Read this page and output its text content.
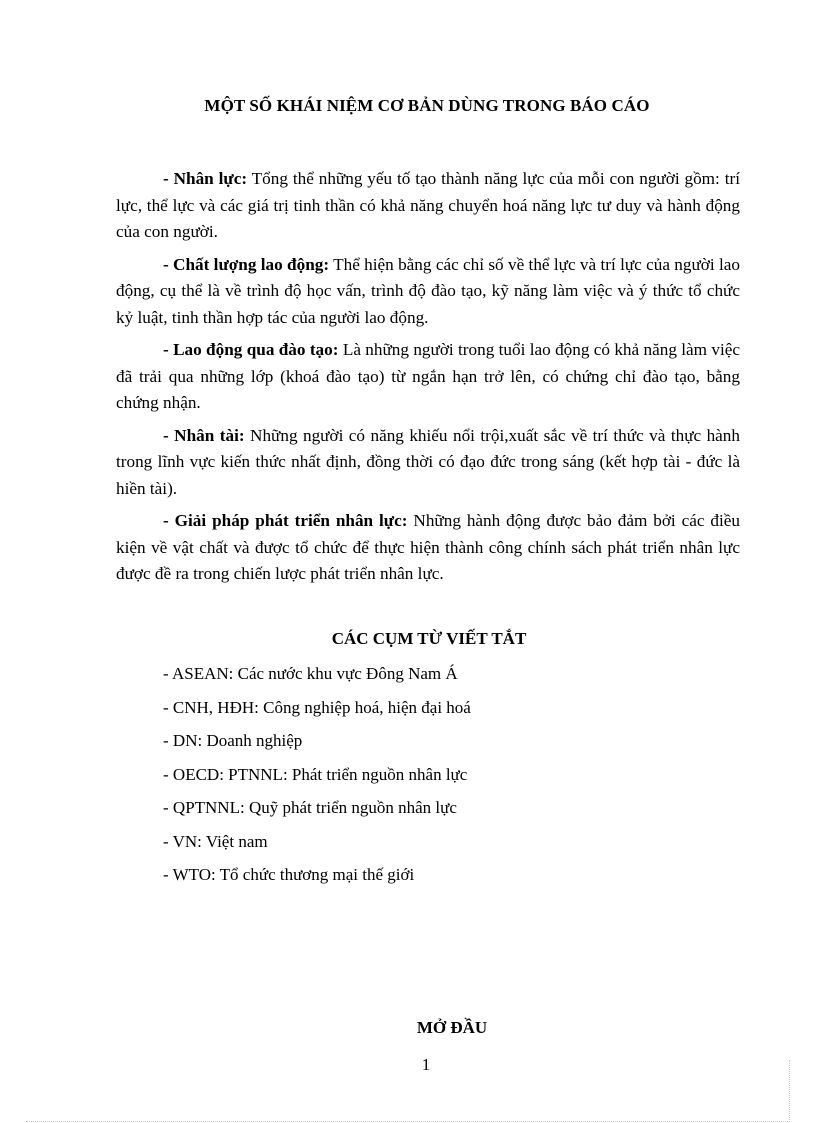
MỘT SỐ KHÁI NIỆM CƠ BẢN DÙNG TRONG BÁO CÁO

- Nhân lực: Tổng thể những yếu tố tạo thành năng lực của mỗi con người gồm: trí lực, thể lực và các giá trị tinh thần có khả năng chuyển hoá năng lực tư duy và hành động của con người.

- Chất lượng lao động: Thể hiện bằng các chỉ số về thể lực và trí lực của người lao động, cụ thể là về trình độ học vấn, trình độ đào tạo, kỹ năng làm việc và ý thức tổ chức kỷ luật, tinh thần hợp tác của người lao động.

- Lao động qua đào tạo: Là những người trong tuổi lao động có khả năng làm việc đã trải qua những lớp (khoá đào tạo) từ ngắn hạn trở lên, có chứng chỉ đào tạo, bằng chứng nhận.

- Nhân tài: Những người có năng khiếu nổi trội,xuất sắc về trí thức và thực hành trong lĩnh vực kiến thức nhất định, đồng thời có đạo đức trong sáng (kết hợp tài - đức là hiền tài).

- Giải pháp phát triển nhân lực: Những hành động được bảo đảm bởi các điều kiện về vật chất và được tổ chức để thực hiện thành công chính sách phát triển nhân lực được đề ra trong chiến lược phát triển nhân lực.

CÁC CỤM TỪ VIẾT TẮT
- ASEAN: Các nước khu vực Đông Nam Á
- CNH, HĐH: Công nghiệp hoá, hiện đại hoá
- DN: Doanh nghiệp
- OECD: PTNNL: Phát triển nguồn nhân lực
- QPTNNL: Quỹ phát triển nguồn nhân lực
- VN: Việt nam
- WTO: Tổ chức thương mại thế giới
MỞ ĐẦU
1
